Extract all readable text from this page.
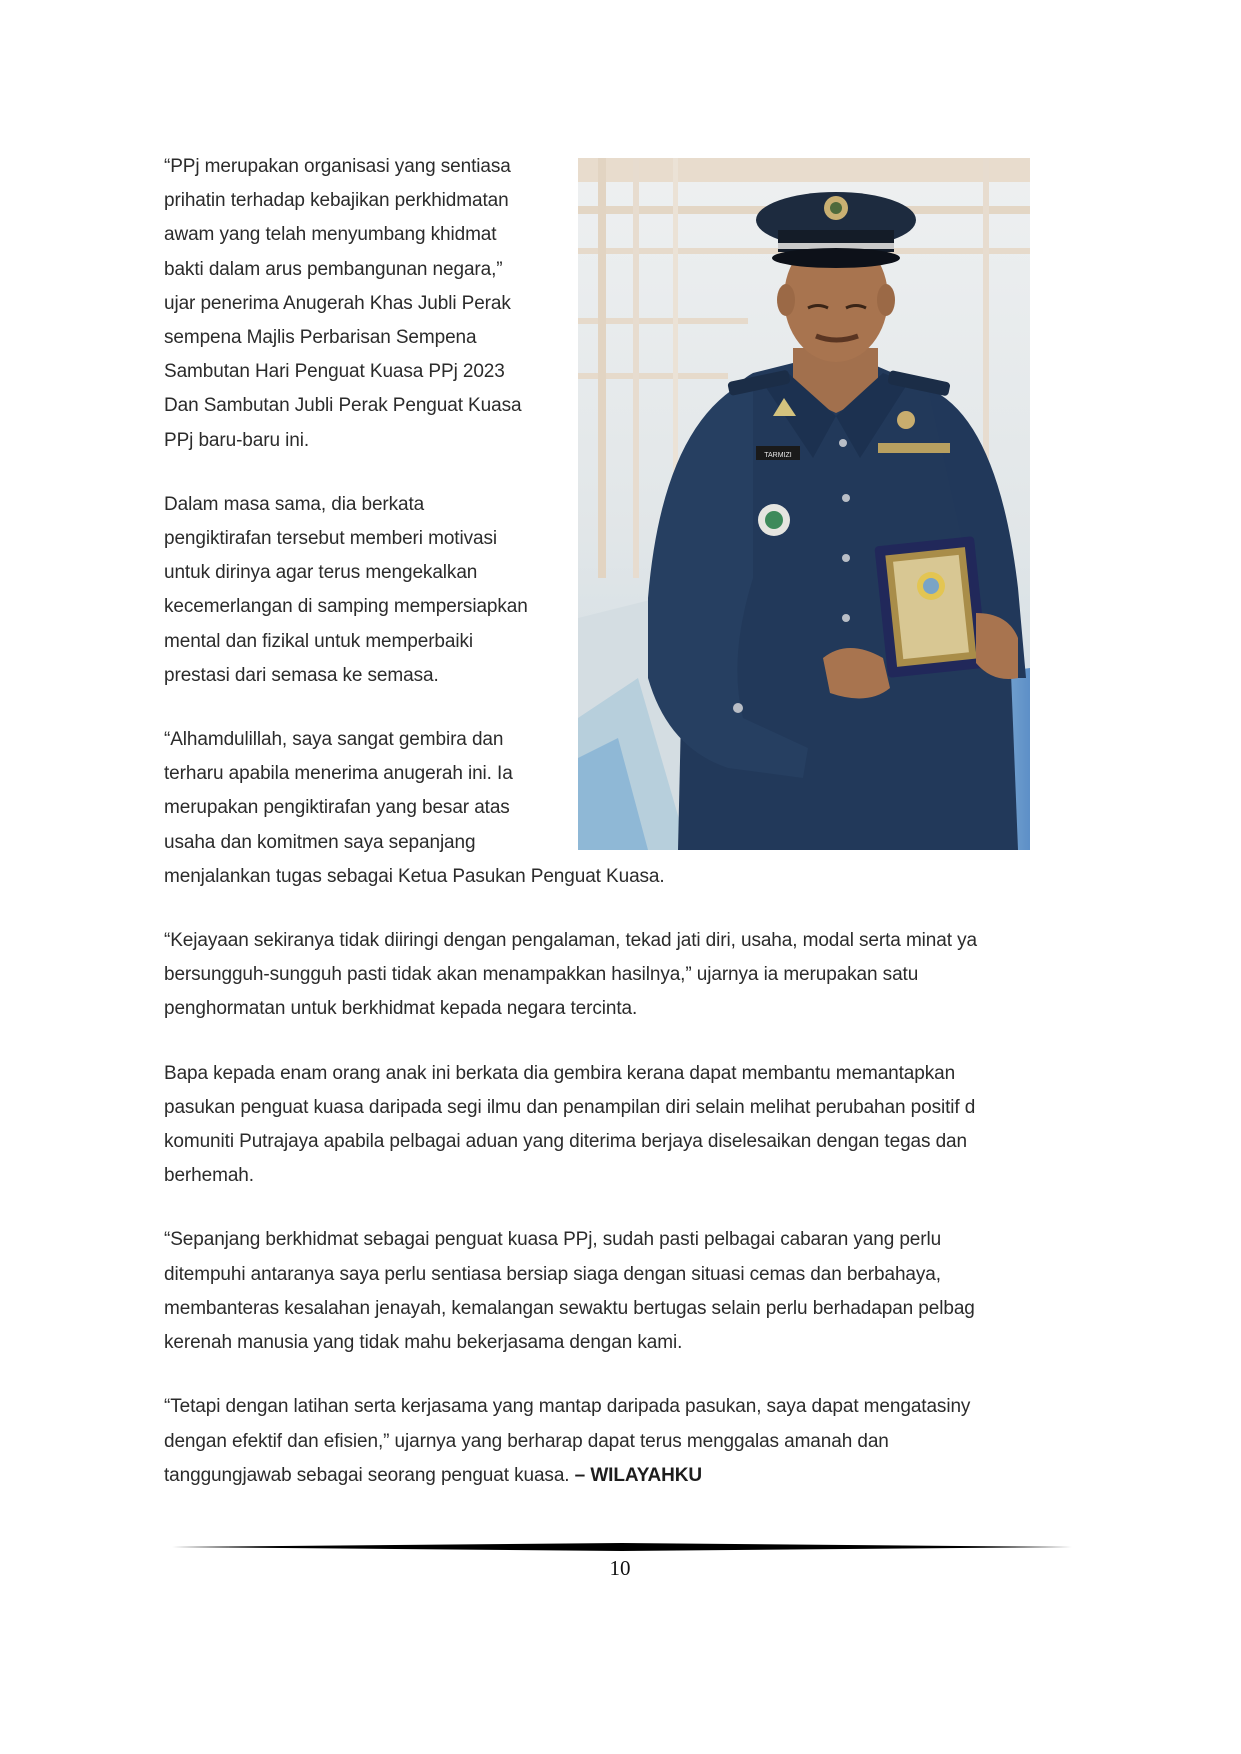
TARMIZI

“PPj merupakan organisasi yang sentiasa
prihatin terhadap kebajikan perkhidmatan
awam yang telah menyumbang khidmat
bakti dalam arus pembangunan negara,”
ujar penerima Anugerah Khas Jubli Perak
sempena Majlis Perbarisan Sempena
Sambutan Hari Penguat Kuasa PPj 2023
Dan Sambutan Jubli Perak Penguat Kuasa
PPj baru-baru ini.

Dalam masa sama, dia berkata
pengiktirafan tersebut memberi motivasi
untuk dirinya agar terus mengekalkan
kecemerlangan di samping mempersiapkan
mental dan fizikal untuk memperbaiki
prestasi dari semasa ke semasa.

“Alhamdulillah, saya sangat gembira dan
terharu apabila menerima anugerah ini. Ia
merupakan pengiktirafan yang besar atas
usaha dan komitmen saya sepanjang
menjalankan tugas sebagai Ketua Pasukan Penguat Kuasa.

“Kejayaan sekiranya tidak diiringi dengan pengalaman, tekad jati diri, usaha, modal serta minat ya
bersungguh-sungguh pasti tidak akan menampakkan hasilnya,” ujarnya ia merupakan satu
penghormatan untuk berkhidmat kepada negara tercinta.

Bapa kepada enam orang anak ini berkata dia gembira kerana dapat membantu memantapkan
pasukan penguat kuasa daripada segi ilmu dan penampilan diri selain melihat perubahan positif d
komuniti Putrajaya apabila pelbagai aduan yang diterima berjaya diselesaikan dengan tegas dan
berhemah.

“Sepanjang berkhidmat sebagai penguat kuasa PPj, sudah pasti pelbagai cabaran yang perlu
ditempuhi antaranya saya perlu sentiasa bersiap siaga dengan situasi cemas dan berbahaya,
membanteras kesalahan jenayah, kemalangan sewaktu bertugas selain perlu berhadapan pelbag
kerenah manusia yang tidak mahu bekerjasama dengan kami.

“Tetapi dengan latihan serta kerjasama yang mantap daripada pasukan, saya dapat mengatasiny
dengan efektif dan efisien,” ujarnya yang berharap dapat terus menggalas amanah dan
tanggungjawab sebagai seorang penguat kuasa. – WILAYAHKU

10
